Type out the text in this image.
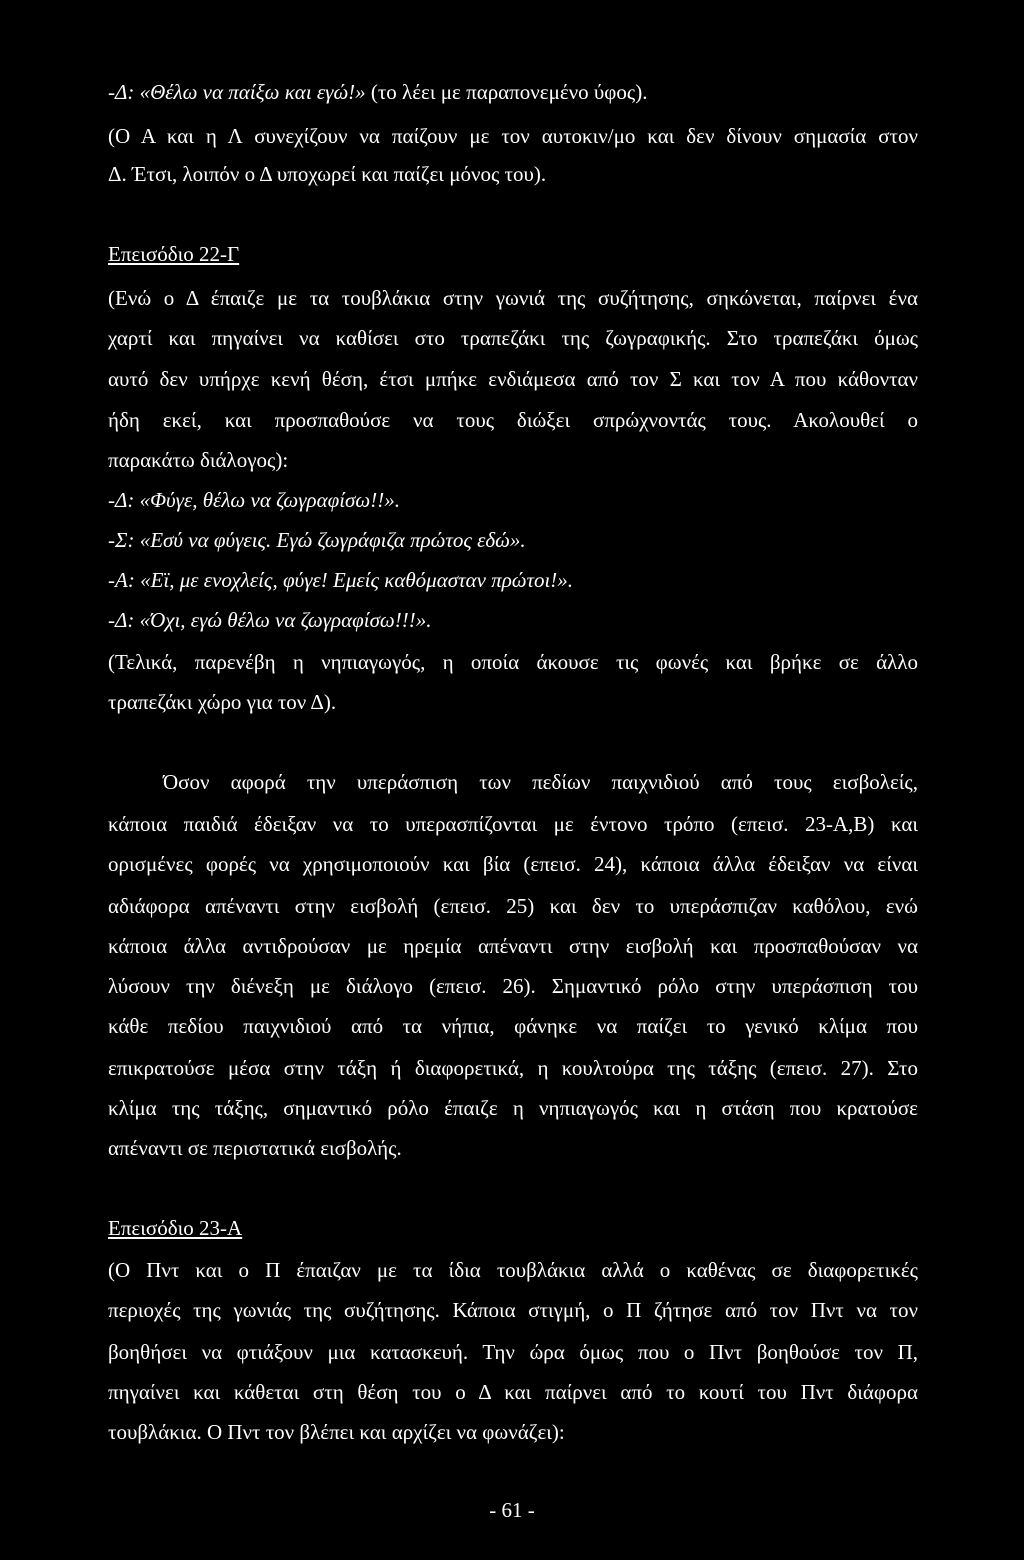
-Δ: «Θέλω να παίξω και εγώ!» (το λέει με παραπονεμένο ύφος).
(Ο Α και η Λ συνεχίζουν να παίζουν με τον αυτοκιν/μο και δεν δίνουν σημασία στον
Δ. Έτσι, λοιπόν ο Δ υποχωρεί και παίζει μόνος του).
Επεισόδιο 22-Γ
(Ενώ ο Δ έπαιζε με τα τουβλάκια στην γωνιά της συζήτησης, σηκώνεται, παίρνει ένα
χαρτί και πηγαίνει να καθίσει στο τραπεζάκι της ζωγραφικής. Στο τραπεζάκι όμως
αυτό δεν υπήρχε κενή θέση, έτσι μπήκε ενδιάμεσα από τον Σ και τον Α που κάθονταν
ήδη εκεί, και προσπαθούσε να τους διώξει σπρώχνοντάς τους. Ακολουθεί ο
παρακάτω διάλογος):
-Δ: «Φύγε, θέλω να ζωγραφίσω!!».
-Σ: «Εσύ να φύγεις. Εγώ ζωγράφιζα πρώτος εδώ».
-Α: «Εϊ, με ενοχλείς, φύγε! Εμείς καθόμασταν πρώτοι!».
-Δ: «Όχι, εγώ θέλω να ζωγραφίσω!!!».
(Τελικά, παρενέβη η νηπιαγωγός, η οποία άκουσε τις φωνές και βρήκε σε άλλο
τραπεζάκι χώρο για τον Δ).
Όσον αφορά την υπεράσπιση των πεδίων παιχνιδιού από τους εισβολείς,
κάποια παιδιά έδειξαν να το υπερασπίζονται με έντονο τρόπο (επεισ. 23-Α,Β) και
ορισμένες φορές να χρησιμοποιούν και βία (επεισ. 24), κάποια άλλα έδειξαν να είναι
αδιάφορα απέναντι στην εισβολή (επεισ. 25) και δεν το υπεράσπιζαν καθόλου, ενώ
κάποια άλλα αντιδρούσαν με ηρεμία απέναντι στην εισβολή και προσπαθούσαν να
λύσουν την διένεξη με διάλογο (επεισ. 26). Σημαντικό ρόλο στην υπεράσπιση του
κάθε πεδίου παιχνιδιού από τα νήπια, φάνηκε να παίζει το γενικό κλίμα που
επικρατούσε μέσα στην τάξη ή διαφορετικά, η κουλτούρα της τάξης (επεισ. 27). Στο
κλίμα της τάξης, σημαντικό ρόλο έπαιζε η νηπιαγωγός και η στάση που κρατούσε
απέναντι σε περιστατικά εισβολής.
Επεισόδιο 23-Α
(Ο Πντ και ο Π έπαιζαν με τα ίδια τουβλάκια αλλά ο καθένας σε διαφορετικές
περιοχές της γωνιάς της συζήτησης. Κάποια στιγμή, ο Π ζήτησε από τον Πντ να τον
βοηθήσει να φτιάξουν μια κατασκευή. Την ώρα όμως που ο Πντ βοηθούσε τον Π,
πηγαίνει και κάθεται στη θέση του ο Δ και παίρνει από το κουτί του Πντ διάφορα
τουβλάκια. Ο Πντ τον βλέπει και αρχίζει να φωνάζει):
- 61 -
